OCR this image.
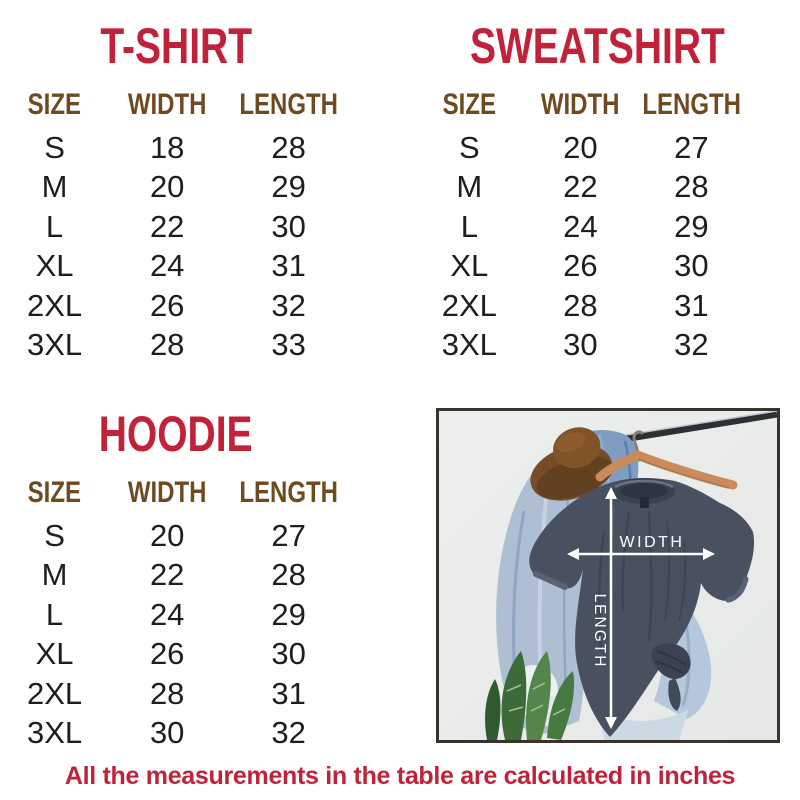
T-SHIRT
SIZE WIDTH LENGTH
S	18	28
M	20	29
L	22	30
XL	24	31
2XL	26	32
3XL	28	33
SWEATSHIRT
SIZE WIDTH LENGTH
S	20	27
M	22	28
L	24	29
XL	26	30
2XL	28	31
3XL	30	32
HOODIE
SIZE WIDTH LENGTH
S	20	27
M	22	28
L	24	29
XL	26	30
2XL	28	31
3XL	30	32
WIDTH
LENGTH
All the measurements in the table are calculated in inches
